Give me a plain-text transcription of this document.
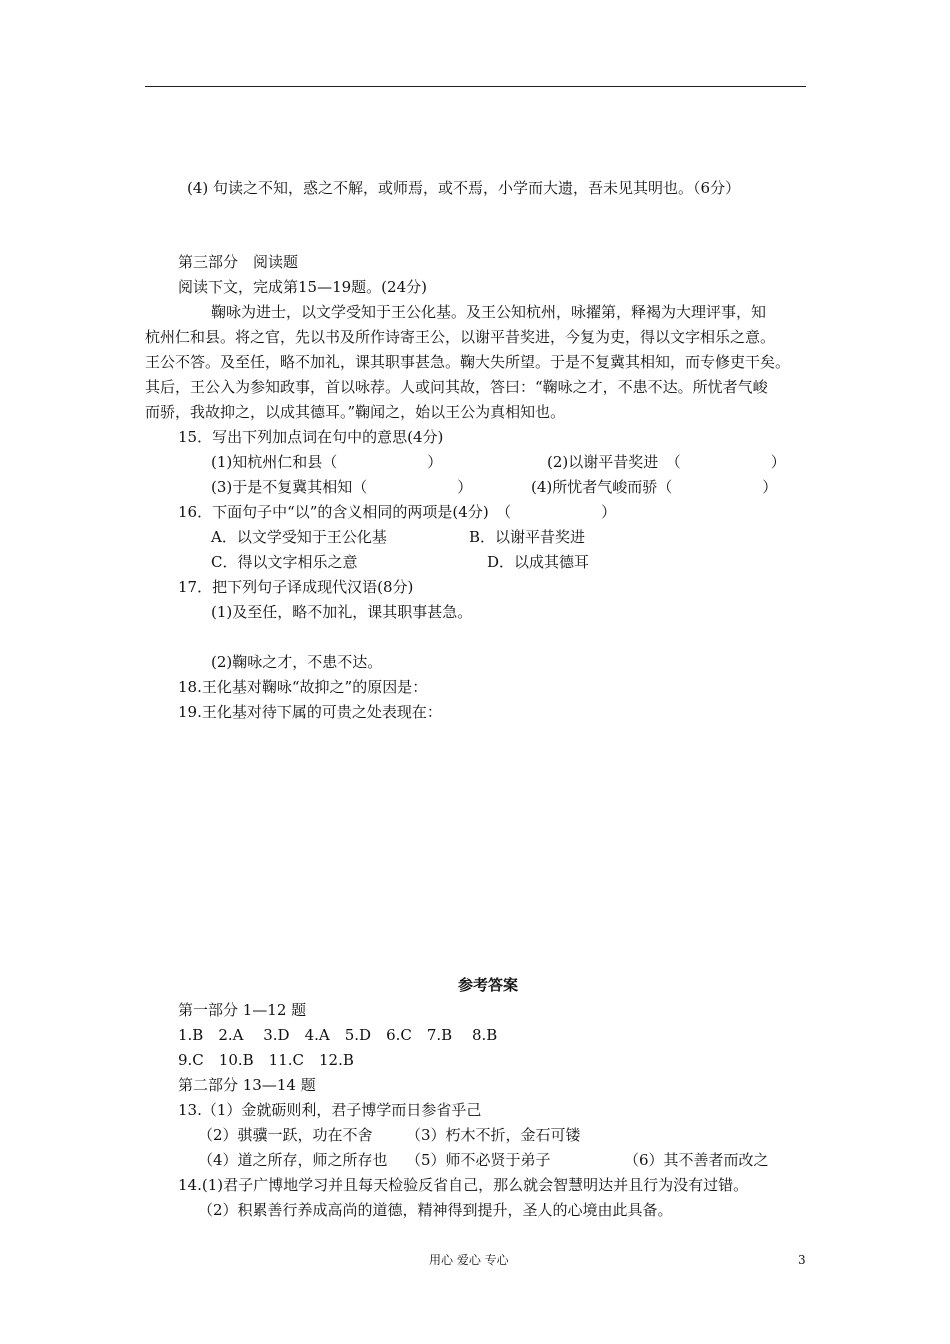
(4) 句读之不知，惑之不解，或师焉，或不焉，小学而大遗，吾未见其明也。（6分）
第三部分　阅读题
阅读下文，完成第15—19题。(24分)
鞠咏为进士，以文学受知于王公化基。及王公知杭州，咏擢第，释褐为大理评事，知
杭州仁和县。将之官，先以书及所作诗寄王公，以谢平昔奖进，今复为吏，得以文字相乐之意。
王公不答。及至任，略不加礼，课其职事甚急。鞠大失所望。于是不复冀其相知，而专修吏干矣。
其后，王公入为参知政事，首以咏荐。人或问其故，答曰：“鞠咏之才，不患不达。所忧者气峻
而骄，我故抑之，以成其德耳。”鞠闻之，始以王公为真相知也。
15．写出下列加点词在句中的意思(4分)
(1)知杭州仁和县（　　　　　　）	(2)以谢平昔奖进　（　　　　　　）
(3)于是不复冀其相知（　　　　　　）	(4)所忧者气峻而骄（　　　　　　）
16．下面句子中“以”的含义相同的两项是(4分)　（　　　　　　）
A．以文学受知于王公化基	B．以谢平昔奖进
C．得以文字相乐之意	D．以成其德耳
17．把下列句子译成现代汉语(8分)
(1)及至任，略不加礼，课其职事甚急。
(2)鞠咏之才，不患不达。
18.王化基对鞠咏“故抑之”的原因是：
19.王化基对待下属的可贵之处表现在：
参考答案
第一部分 1—12 题
1.B　2.A　 3.D　4.A　5.D　6.C　7.B　 8.B
9.C　10.B　11.C　12.B
第二部分 13—14 题
13.（1）金就砺则利，君子博学而日参省乎己
（2）骐骥一跃，功在不舍 （3）朽木不折，金石可镂
（4）道之所存，师之所存也 （5）师不必贤于弟子	（6）其不善者而改之
14.(1)君子广博地学习并且每天检验反省自己，那么就会智慧明达并且行为没有过错。
（2）积累善行养成高尚的道德，精神得到提升，圣人的心境由此具备。
用心 爱心 专心	3
